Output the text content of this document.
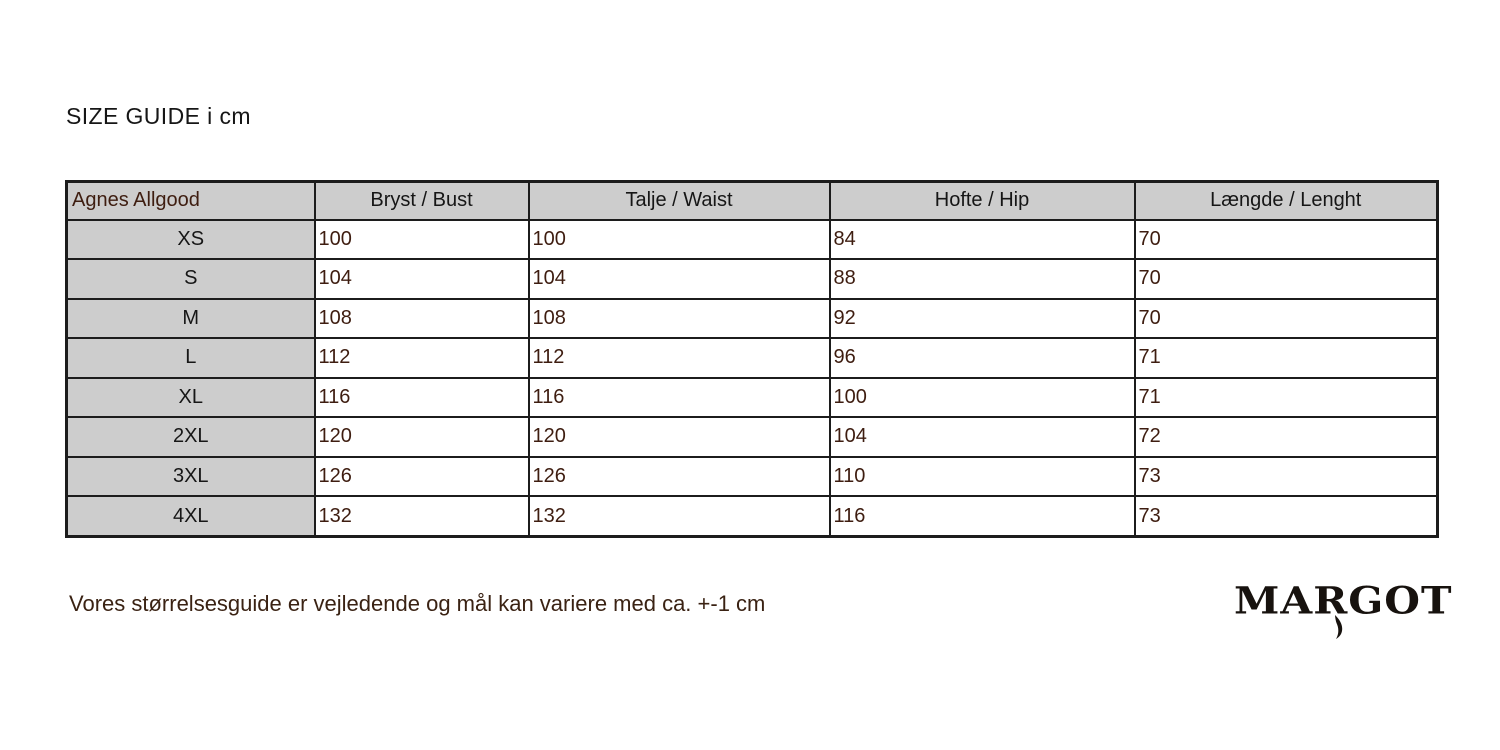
SIZE GUIDE i cm
Agnes Allgood	Bryst / Bust	Talje / Waist	Hofte / Hip	Længde / Lenght
XS	100	100	84	70
S	104	104	88	70
M	108	108	92	70
L	112	112	96	71
XL	116	116	100	71
2XL	120	120	104	72
3XL	126	126	110	73
4XL	132	132	116	73

Vores størrelsesguide er vejledende og mål kan variere med ca. +-1 cm	MARGOT
